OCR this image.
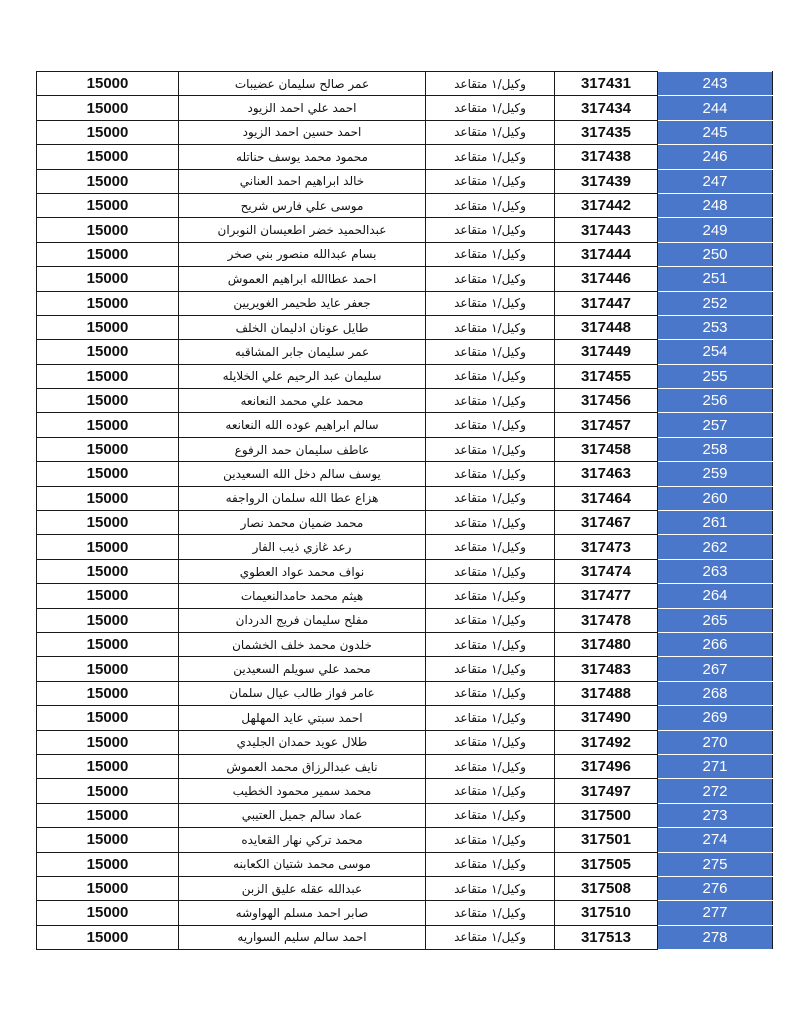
15000	عمر صالح سليمان عضيبات	وكيل/١ متقاعد	317431	243
15000	احمد علي احمد الزيود	وكيل/١ متقاعد	317434	244
15000	احمد حسين احمد الزيود	وكيل/١ متقاعد	317435	245
15000	محمود محمد يوسف حناتله	وكيل/١ متقاعد	317438	246
15000	خالد ابراهيم احمد العناني	وكيل/١ متقاعد	317439	247
15000	موسى علي فارس شريح	وكيل/١ متقاعد	317442	248
15000	عبدالحميد خضر اطعيسان النوبران	وكيل/١ متقاعد	317443	249
15000	بسام عبدالله منصور بني صخر	وكيل/١ متقاعد	317444	250
15000	احمد عطاالله ابراهيم العموش	وكيل/١ متقاعد	317446	251
15000	جعفر عايد طحيمر الغويريين	وكيل/١ متقاعد	317447	252
15000	طايل عونان ادليمان الخلف	وكيل/١ متقاعد	317448	253
15000	عمر سليمان جابر المشاقبه	وكيل/١ متقاعد	317449	254
15000	سليمان عبد الرحيم علي الخلايله	وكيل/١ متقاعد	317455	255
15000	محمد علي محمد النعانعه	وكيل/١ متقاعد	317456	256
15000	سالم ابراهيم عوده الله النعانعه	وكيل/١ متقاعد	317457	257
15000	عاطف سليمان حمد الرفوع	وكيل/١ متقاعد	317458	258
15000	يوسف سالم دخل الله السعيدين	وكيل/١ متقاعد	317463	259
15000	هزاع عطا الله سلمان الرواجفه	وكيل/١ متقاعد	317464	260
15000	محمد ضميان محمد نصار	وكيل/١ متقاعد	317467	261
15000	رعد غازي ذيب الفار	وكيل/١ متقاعد	317473	262
15000	نواف محمد عواد العطوي	وكيل/١ متقاعد	317474	263
15000	هيثم محمد حامدالنعيمات	وكيل/١ متقاعد	317477	264
15000	مفلح سليمان فريج الدردان	وكيل/١ متقاعد	317478	265
15000	خلدون محمد خلف الخشمان	وكيل/١ متقاعد	317480	266
15000	محمد علي سويلم السعيدين	وكيل/١ متقاعد	317483	267
15000	عامر فواز طالب عيال سلمان	وكيل/١ متقاعد	317488	268
15000	احمد سبتي عايد المهلهل	وكيل/١ متقاعد	317490	269
15000	طلال عويد حمدان الجليدي	وكيل/١ متقاعد	317492	270
15000	نايف عبدالرزاق محمد العموش	وكيل/١ متقاعد	317496	271
15000	محمد سمير محمود الخطيب	وكيل/١ متقاعد	317497	272
15000	عماد سالم جميل العتيبي	وكيل/١ متقاعد	317500	273
15000	محمد تركي نهار القعايده	وكيل/١ متقاعد	317501	274
15000	موسى محمد شتيان الكعابنه	وكيل/١ متقاعد	317505	275
15000	عبدالله عقله عليق الزبن	وكيل/١ متقاعد	317508	276
15000	صابر احمد مسلم الهواوشه	وكيل/١ متقاعد	317510	277
15000	احمد سالم سليم السواريه	وكيل/١ متقاعد	317513	278
